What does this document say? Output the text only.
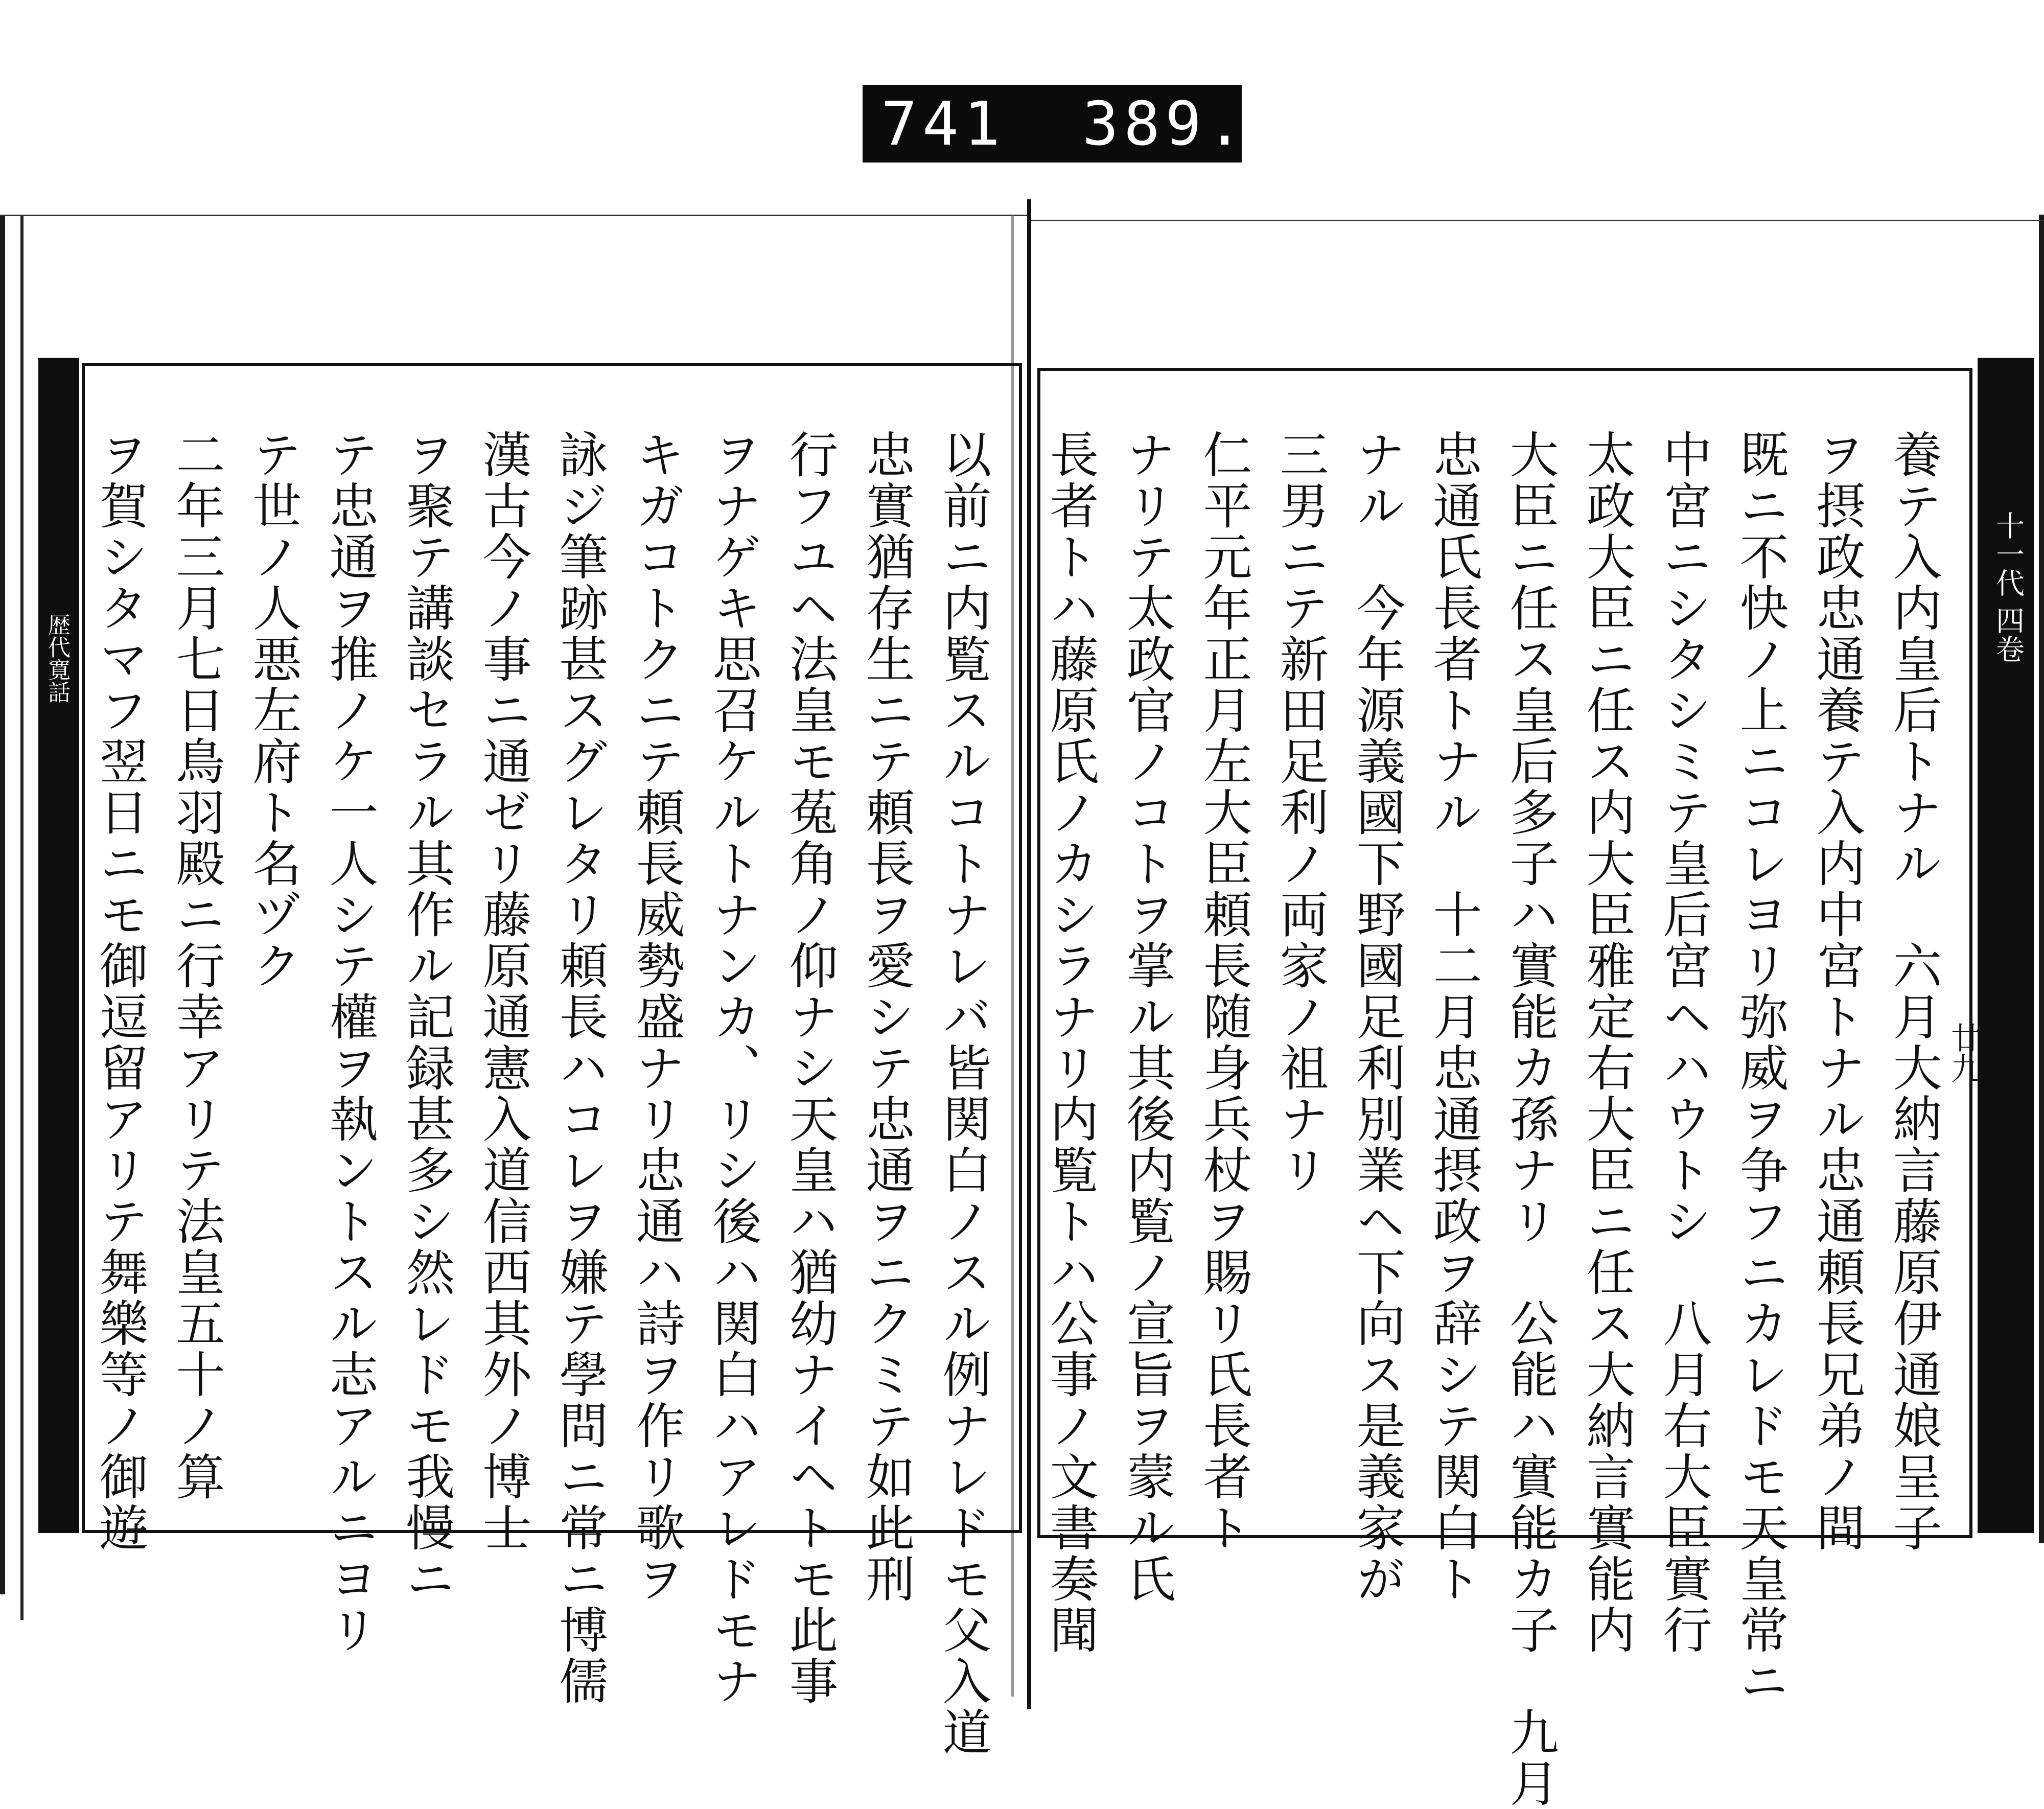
741 389.
歴代寛話	十一代 四卷
廿九
養テ入内皇后トナル　六月大納言藤原伊通娘呈子
ヲ摂政忠通養テ入内中宮トナル忠通頼長兄弟ノ間
既ニ不快ノ上ニコレヨリ弥威ヲ争フニカレドモ天皇常ニ
中宮ニシタシミテ皇后宮ヘハウトシ　八月右大臣實行
太政大臣ニ任ス内大臣雅定右大臣ニ任ス大納言實能内
大臣ニ任ス皇后多子ハ實能カ孫ナリ　公能ハ實能カ子　九月
忠通氏長者トナル　十二月忠通摂政ヲ辞シテ関白ト
ナル　今年源義國下野國足利別業ヘ下向ス是義家が
三男ニテ新田足利ノ両家ノ祖ナリ
仁平元年正月左大臣頼長随身兵杖ヲ賜リ氏長者ト
ナリテ太政官ノコトヲ掌ル其後内覧ノ宣旨ヲ蒙ル氏
長者トハ藤原氏ノカシラナリ内覧トハ公事ノ文書奏聞
以前ニ内覧スルコトナレバ皆関白ノスル例ナレドモ父入道
忠實猶存生ニテ頼長ヲ愛シテ忠通ヲニクミテ如此刑
行フユヘ法皇モ菟角ノ仰ナシ天皇ハ猶幼ナイヘトモ此事
ヲナゲキ思召ケルトナンカ、リシ後ハ関白ハアレドモナ
キガコトクニテ頼長威勢盛ナリ忠通ハ詩ヲ作リ歌ヲ
詠ジ筆跡甚スグレタリ頼長ハコレヲ嫌テ學問ニ常ニ博儒
漢古今ノ事ニ通ゼリ藤原通憲入道信西其外ノ博士
ヲ聚テ講談セラル其作ル記録甚多シ然レドモ我慢ニ
テ忠通ヲ推ノケ一人シテ權ヲ執ントスル志アルニヨリ
テ世ノ人悪左府ト名ヅク
二年三月七日鳥羽殿ニ行幸アリテ法皇五十ノ算
ヲ賀シタマフ翌日ニモ御逗留アリテ舞樂等ノ御遊
